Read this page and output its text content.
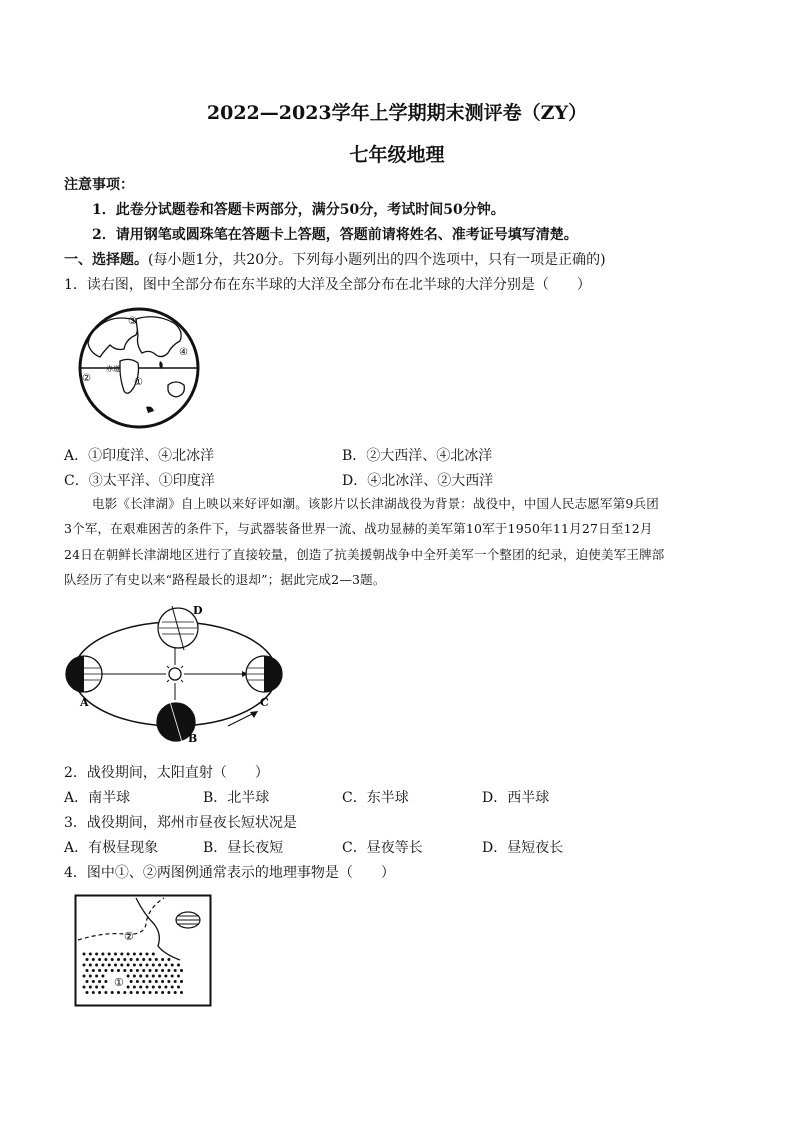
2022—2023学年上学期期末测评卷（ZY）
七年级地理
注意事项：
1．此卷分试题卷和答题卡两部分，满分50分，考试时间50分钟。
2．请用钢笔或圆珠笔在答题卡上答题，答题前请将姓名、准考证号填写清楚。
一、选择题。(每小题1分，共20分。下列每小题列出的四个选项中，只有一项是正确的)
1．读右图，图中全部分布在东半球的大洋及全部分布在北半球的大洋分别是（　　）
③
④
②	①
赤道
A．①印度洋、④北冰洋	B．②大西洋、④北冰洋
C．③太平洋、①印度洋	D．④北冰洋、②大西洋
电影《长津湖》自上映以来好评如潮。该影片以长津湖战役为背景：战役中，中国人民志愿军第9兵团
3个军，在艰难困苦的条件下，与武器装备世界一流、战功显赫的美军第10军于1950年11月27日至12月
24日在朝鲜长津湖地区进行了直接较量，创造了抗美援朝战争中全歼美军一个整团的纪录，迫使美军王牌部
队经历了有史以来“路程最长的退却”；据此完成2—3题。
A
B
C
D
2．战役期间，太阳直射（　　）
A．南半球	B．北半球	C．东半球	D．西半球
3．战役期间，郑州市昼夜长短状况是
A．有极昼现象	B．昼长夜短	C．昼夜等长	D．昼短夜长
4．图中①、②两图例通常表示的地理事物是（　　）
②
①
